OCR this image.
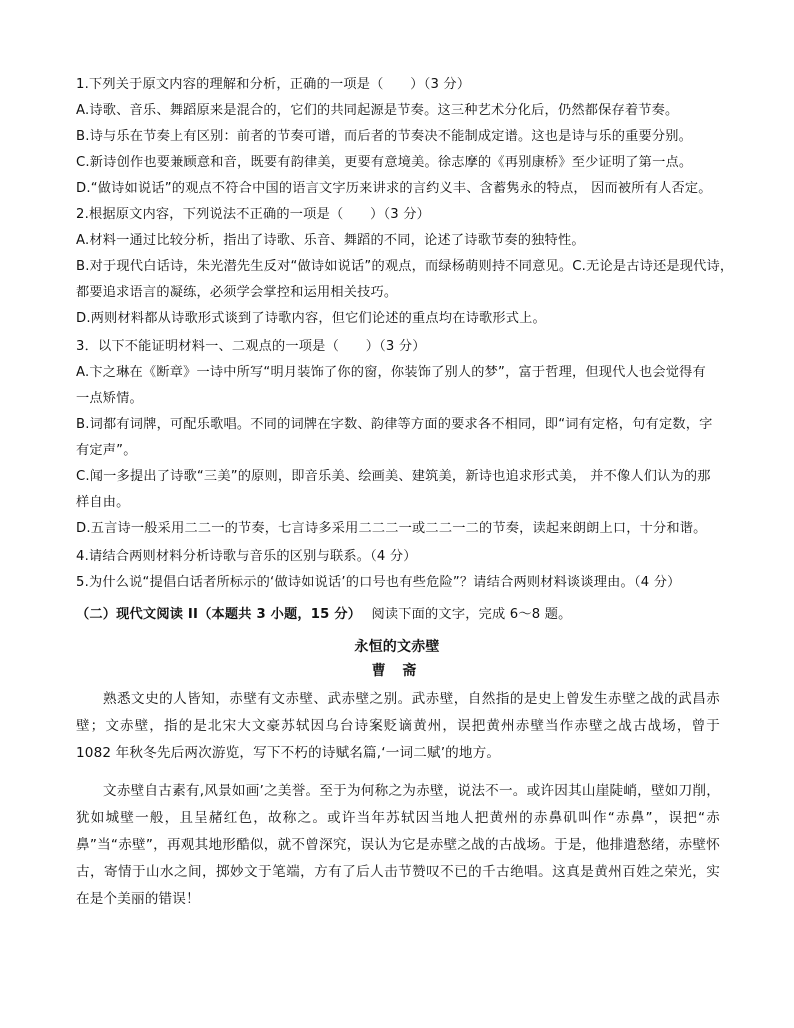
1.下列关于原文内容的理解和分析，正确的一项是（　　）（3 分）
A.诗歌、音乐、舞蹈原来是混合的，它们的共同起源是节奏。这三种艺术分化后，仍然都保存着节奏。
B.诗与乐在节奏上有区别：前者的节奏可谱，而后者的节奏决不能制成定谱。这也是诗与乐的重要分别。
C.新诗创作也要兼顾意和音，既要有韵律美，更要有意境美。徐志摩的《再别康桥》至少证明了第一点。
D.“做诗如说话”的观点不符合中国的语言文字历来讲求的言约义丰、含蓄隽永的特点， 因而被所有人否定。
2.根据原文内容，下列说法不正确的一项是（　　）（3 分）
A.材料一通过比较分析，指出了诗歌、乐音、舞蹈的不同，论述了诗歌节奏的独特性。
B.对于现代白话诗，朱光潜先生反对“做诗如说话”的观点，而绿杨萌则持不同意见。C.无论是古诗还是现代诗，
都要追求语言的凝练，必须学会掌控和运用相关技巧。
D.两则材料都从诗歌形式谈到了诗歌内容，但它们论述的重点均在诗歌形式上。
3．以下不能证明材料一、二观点的一项是（　　）（3 分）
A.卞之琳在《断章》一诗中所写“明月装饰了你的窗，你装饰了别人的梦”，富于哲理，但现代人也会觉得有
一点矫情。
B.词都有词牌，可配乐歌唱。不同的词牌在字数、韵律等方面的要求各不相同，即“词有定格，句有定数，字
有定声”。
C.闻一多提出了诗歌“三美”的原则，即音乐美、绘画美、建筑美，新诗也追求形式美， 并不像人们认为的那
样自由。
D.五言诗一般采用二二一的节奏，七言诗多采用二二二一或二二一二的节奏，读起来朗朗上口，十分和谐。
4.请结合两则材料分析诗歌与音乐的区别与联系。（4 分）
5.为什么说“提倡白话者所标示的‘做诗如说话’的口号也有些危险”？请结合两则材料谈谈理由。（4 分）
（二）现代文阅读 II（本题共 3 小题，15 分） 阅读下面的文字，完成 6～8 题。
永恒的文赤壁
曹 斋
熟悉文史的人皆知，赤壁有文赤壁、武赤壁之别。武赤壁，自然指的是史上曾发生赤壁之战的武昌赤壁；文赤壁，指的是北宋大文豪苏轼因乌台诗案贬谪黄州，误把黄州赤壁当作赤壁之战古战场，曾于 1082 年秋冬先后两次游览，写下不朽的诗赋名篇,‘一词二赋’的地方。
文赤壁自古素有,风景如画’之美誉。至于为何称之为赤壁，说法不一。或许因其山崖陡峭，壁如刀削，犹如城壁一般，且呈赭红色，故称之。或许当年苏轼因当地人把黄州的赤鼻矶叫作“赤鼻”，误把“赤鼻”当“赤壁”，再观其地形酷似，就不曾深究，误认为它是赤壁之战的古战场。于是，他排遣愁绪，赤壁怀古，寄情于山水之间，掷妙文于笔端，方有了后人击节赞叹不已的千古绝唱。这真是黄州百姓之荣光，实在是个美丽的错误！
